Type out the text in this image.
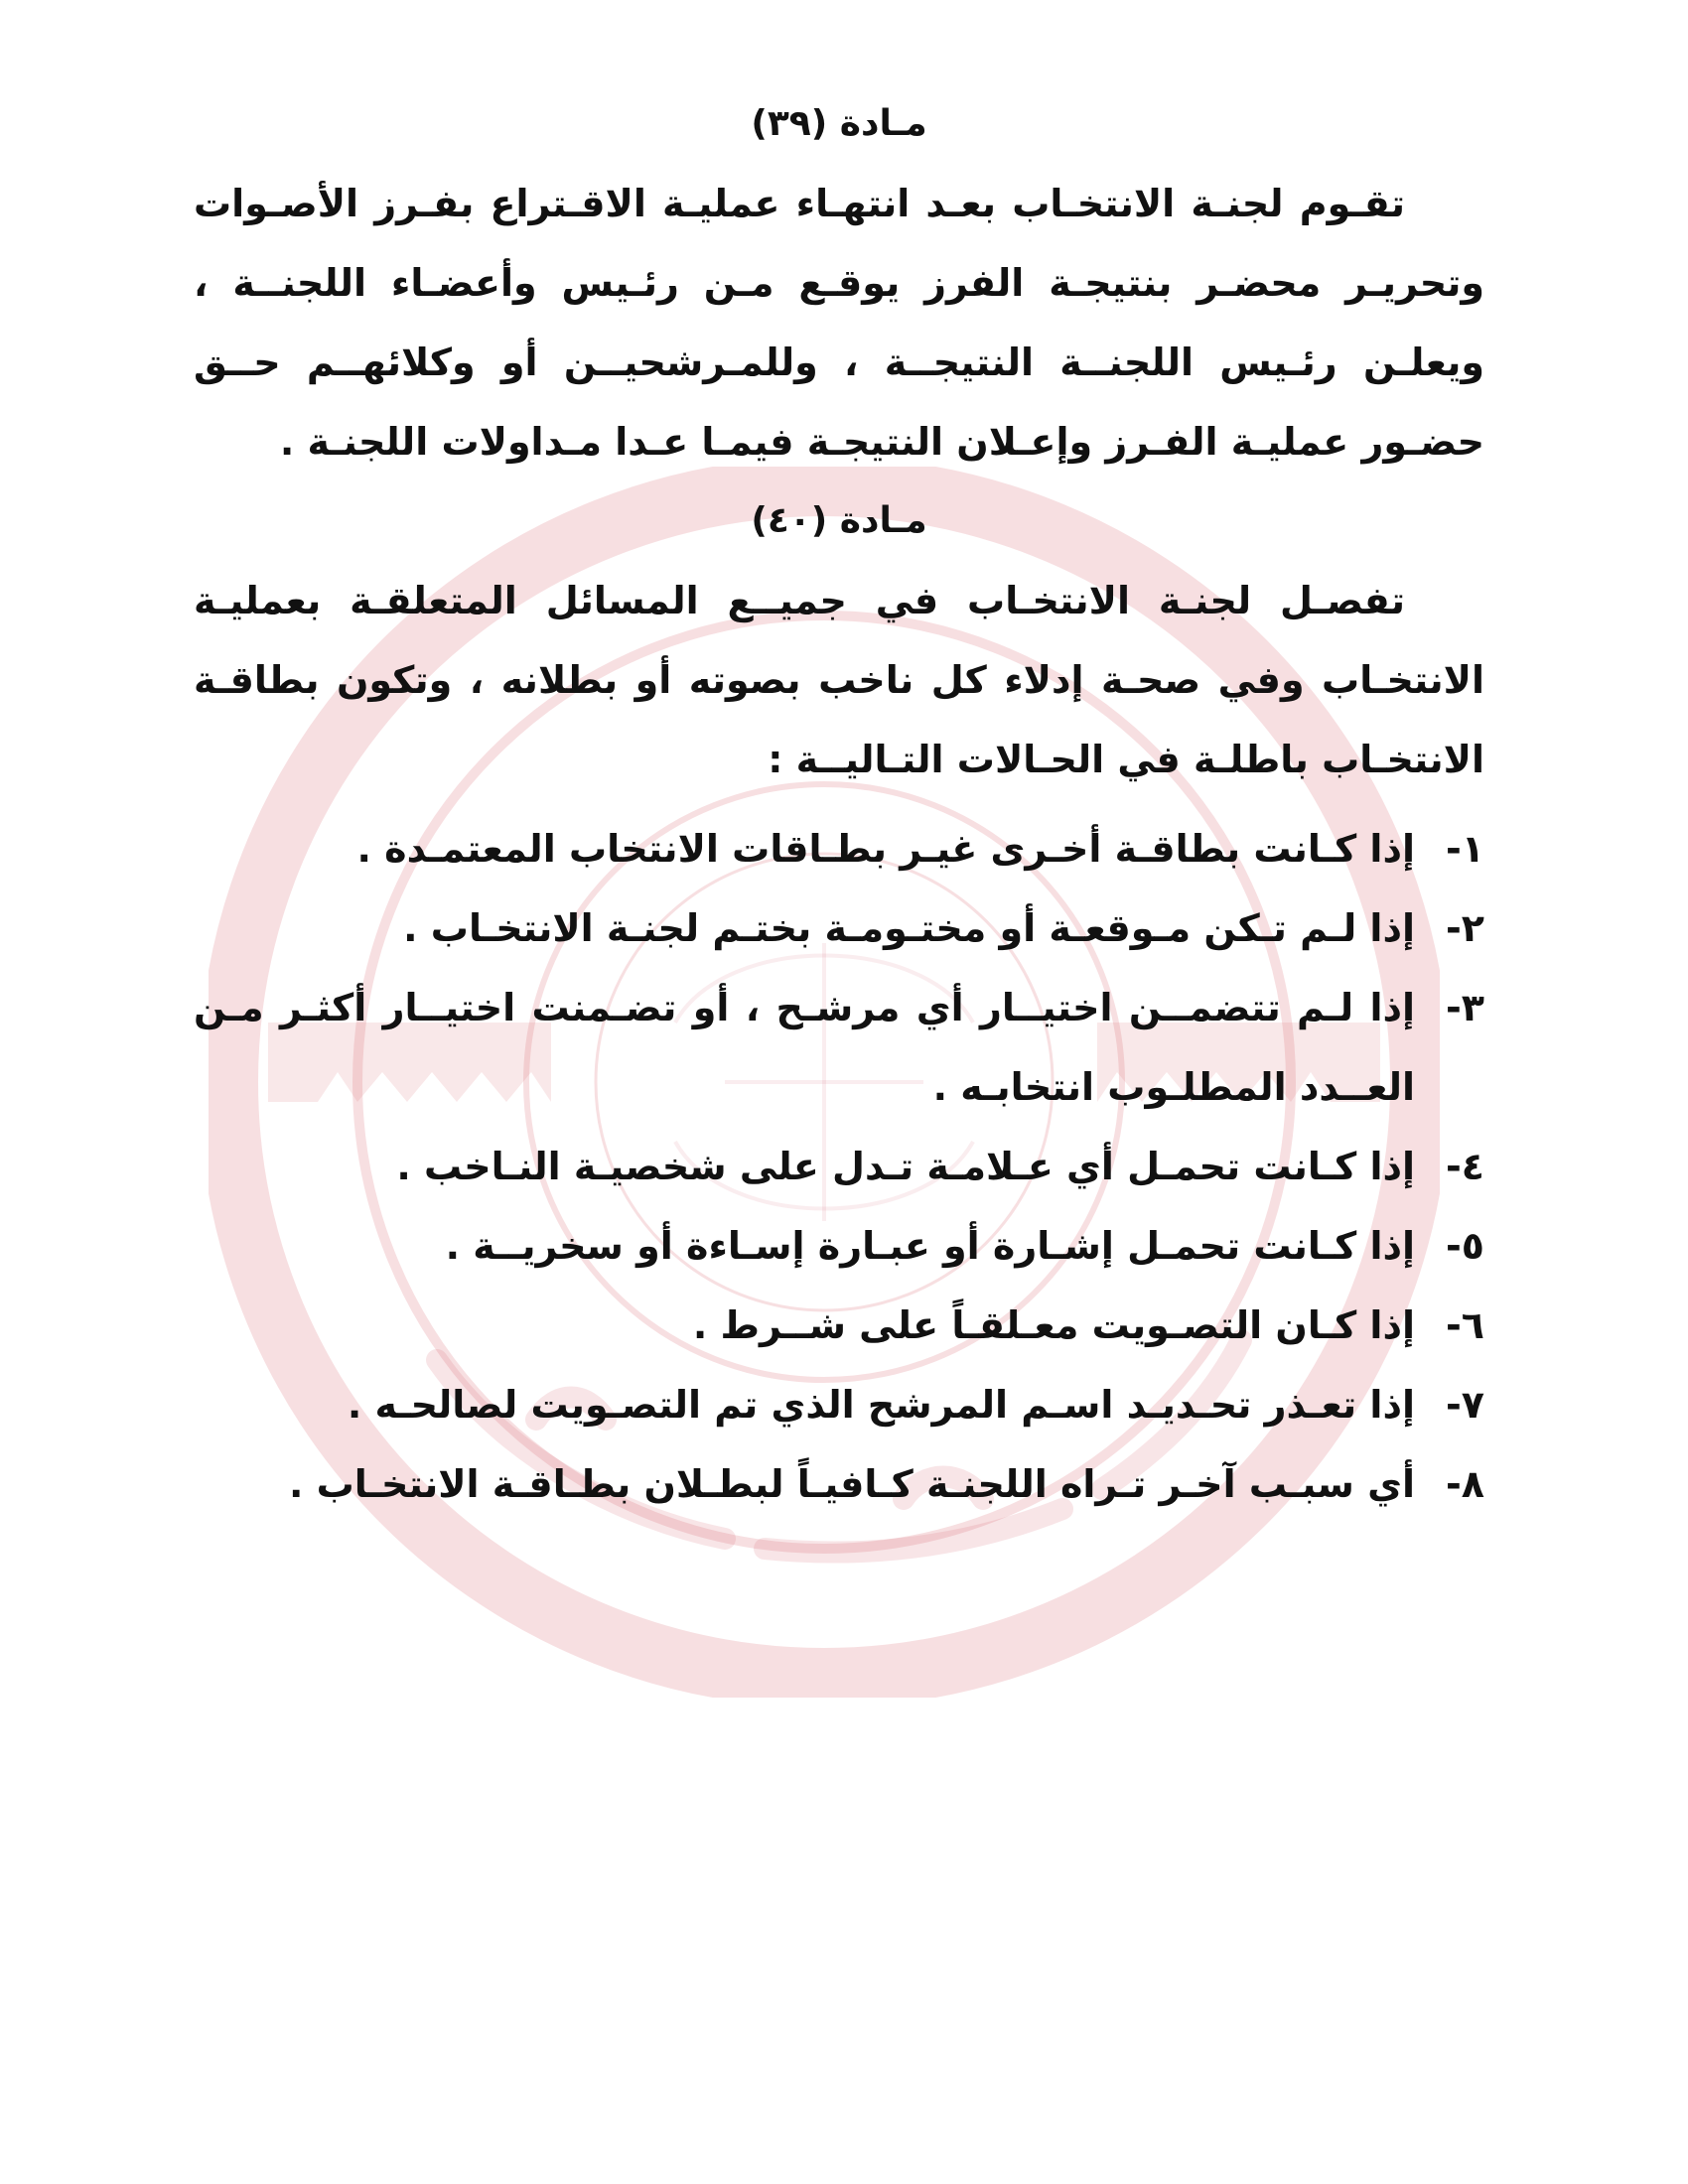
مـادة (٣٩)

تقـوم لجنـة الانتخـاب بعـد انتهـاء عمليـة الاقـتراع بفـرز الأصـوات وتحريـر محضـر بنتيجـة الفرز يوقـع مـن رئـيس وأعضـاء اللجنــة ، ويعلـن رئـيس اللجنــة النتيجــة ، وللمـرشحيــن أو وكلائهــم حــق حضـور عمليـة الفـرز وإعـلان النتيجـة فيمـا عـدا مـداولات اللجنـة .

مـادة (٤٠)

تفصـل لجنـة الانتخـاب في جميــع المسائل المتعلقـة بعمليـة الانتخـاب وفي صحـة إدلاء كل ناخب بصوته أو بطلانه ، وتكون بطاقـة الانتخـاب باطلـة في الحـالات التـاليــة :

١-
إذا كـانت بطاقـة أخـرى غيـر بطـاقات الانتخاب المعتمـدة .
٢-
إذا لـم تـكن مـوقعـة أو مختـومـة بختـم لجنـة الانتخـاب .
٣-
إذا لـم تتضمــن اختيــار أي مرشـح ، أو تضـمنت اختيــار أكثـر مـن العــدد المطلـوب انتخابـه .
٤-
إذا كـانت تحمـل أي عـلامـة تـدل على شخصيـة النـاخب .
٥-
إذا كـانت تحمـل إشـارة أو عبـارة إسـاءة أو سخريــة .
٦-
إذا كـان التصـويت معـلقـاً على شــرط .
٧-
إذا تعـذر تحـديـد اسـم المرشح الذي تم التصـويت لصالحـه .
٨-
أي سبـب آخـر تـراه اللجنـة كـافيـاً لبطـلان بطـاقـة الانتخـاب .
